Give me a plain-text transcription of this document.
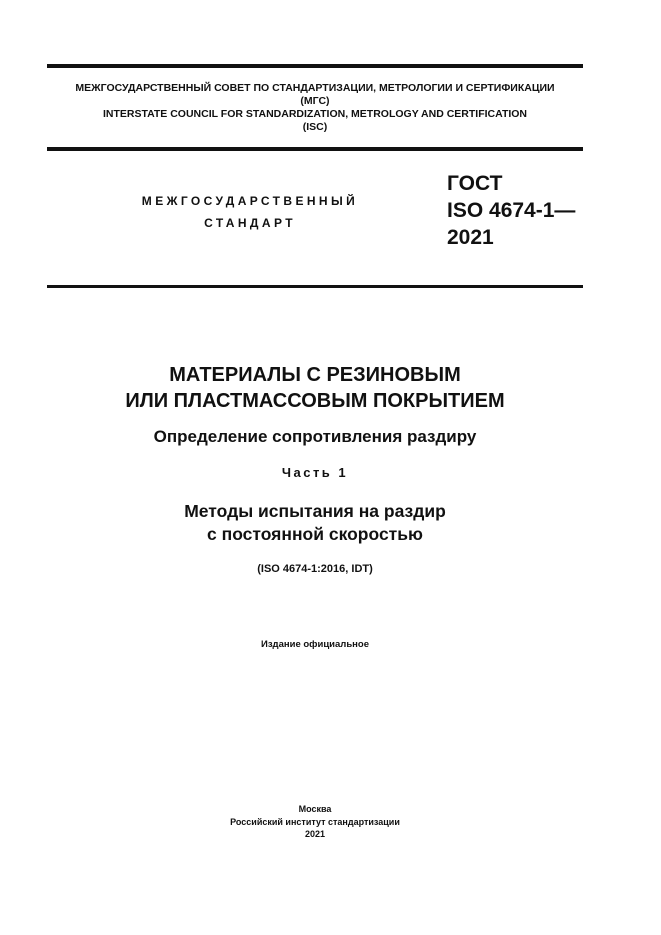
МЕЖГОСУДАРСТВЕННЫЙ СОВЕТ ПО СТАНДАРТИЗАЦИИ, МЕТРОЛОГИИ И СЕРТИФИКАЦИИ
(МГС)
INTERSTATE COUNCIL FOR STANDARDIZATION, METROLOGY AND CERTIFICATION
(ISC)
МЕЖГОСУДАРСТВЕННЫЙ
СТАНДАРТ
ГОСТ
ISO 4674-1—
2021
МАТЕРИАЛЫ С РЕЗИНОВЫМ
ИЛИ ПЛАСТМАССОВЫМ ПОКРЫТИЕМ
Определение сопротивления раздиру
Часть 1
Методы испытания на раздир
с постоянной скоростью
(ISO 4674-1:2016, IDT)
Издание официальное
Москва
Российский институт стандартизации
2021
